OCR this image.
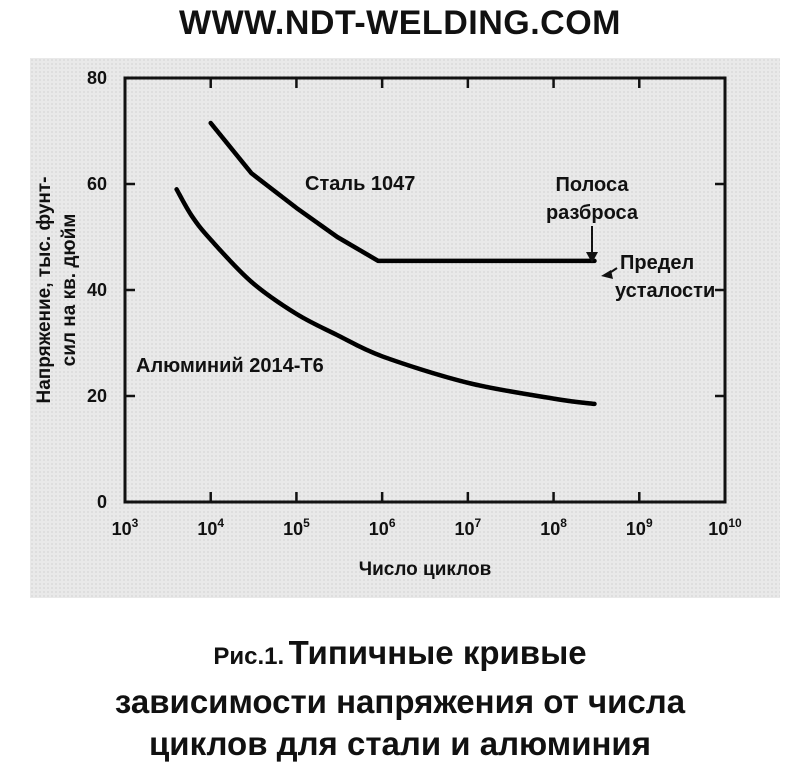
WWW.NDT-WELDING.COM
$10^3$	$10^4$	$10^5$	$10^6$	$10^7$	$10^8$	$10^9$	$10^{10}$
0
20
40
60
80
Число циклов
Напряжение, тыс. фунт- сил на кв. дюйм
Сталь 1047
Алюминий 2014-Т6
Полоса
разброса
Предел
усталости
Рис.1. Типичные кривые
зависимости напряжения от числа
циклов для стали и алюминия
